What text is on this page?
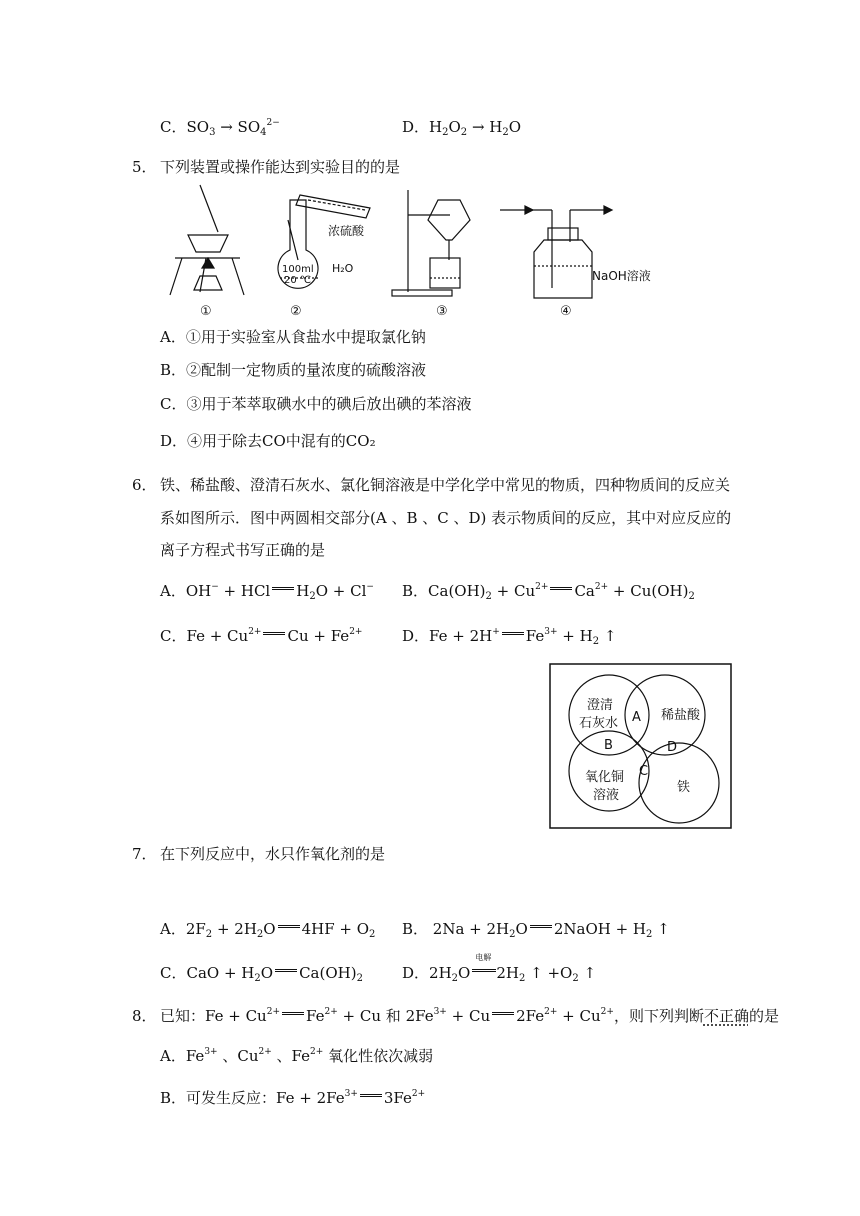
C．$SO_3 \to SO_4^{2-}$	D．$H_2O_2 \to H_2O$
5． 下列装置或操作能达到实验目的的是
浓硫酸
H₂O
100ml
20 ℃	NaOH溶液
①	②	③	④
A．①用于实验室从食盐水中提取氯化钠
B．②配制一定物质的量浓度的硫酸溶液
C．③用于苯萃取碘水中的碘后放出碘的苯溶液
D．④用于除去CO中混有的CO₂
6． 铁、稀盐酸、澄清石灰水、氯化铜溶液是中学化学中常见的物质，四种物质间的反应关
系如图所示．图中两圆相交部分(A 、B 、C 、D) 表示物质间的反应，其中对应反应的
离子方程式书写正确的是
A．OH− + HCl $H_2O + Cl^-$ B．$Ca(OH)_2 + Cu^{2+}$ $Ca^{2+} + Cu(OH)_2$
C．$Fe + Cu^{2+}$ $Cu + Fe^{2+}$	D．Fe + 2H+ $Fe^{3+} + H_2$ ↑
澄清
石灰水
稀盐酸
氧化铜
溶液
铁
A
B
C
D
7． 在下列反应中，水只作氧化剂的是
A．$2F_2 + 2H_2O$ $4HF + O_2$ B． $2Na + 2H_2O$ 2NaOH + $H_2$ ↑
C．CaO + $H_2O$ $Ca(OH)_2$	D．$2H_2O$
电解
$2H_2$ ↑ $+O_2$ ↑
8． 已知：$Fe + Cu^{2+}$ $Fe^{2+} + Cu$ 和 $2Fe^{3+} + Cu$ $2Fe^{2+} + Cu^{2+}$，则下列判断不正确的是
A．$Fe^{3+}$ 、$Cu^{2+}$ 、$Fe^{2+}$ 氧化性依次减弱
B．可发生反应：$Fe + 2Fe^{3+}$ $3Fe^{2+}$
